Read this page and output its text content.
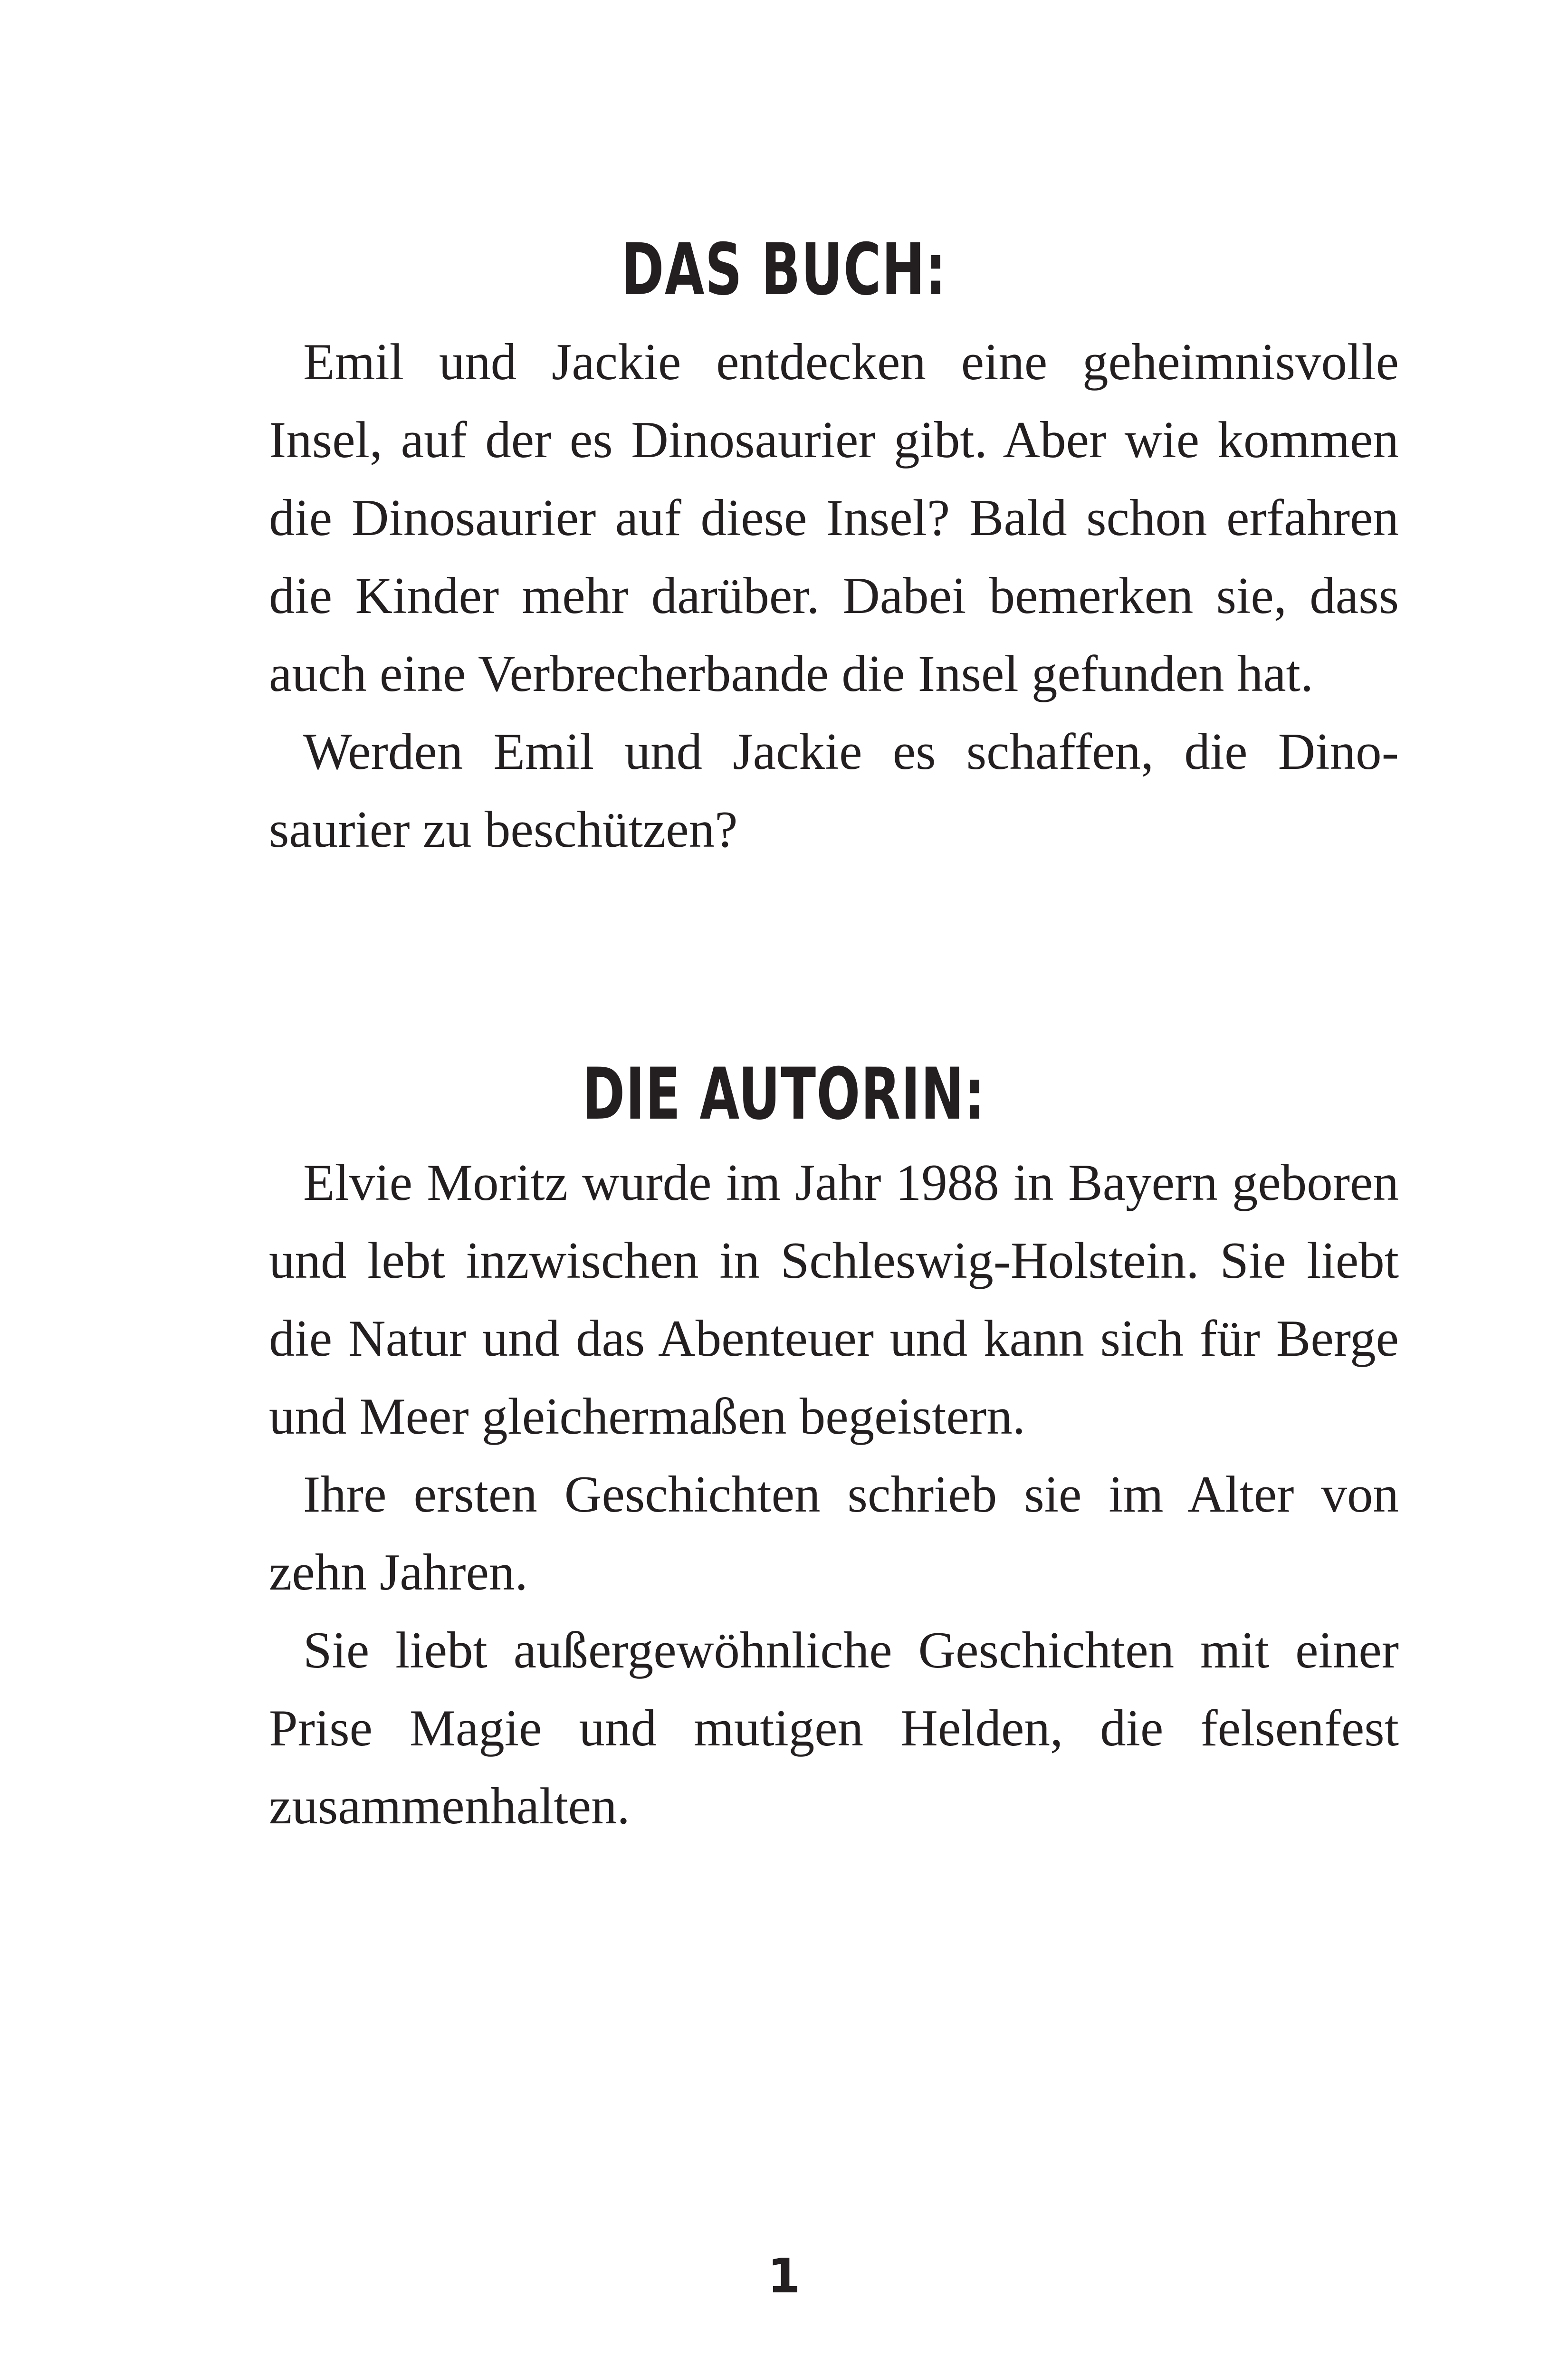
DAS BUCH:

Emil und Jackie entdecken eine geheimnisvolle Insel, auf der es Dinosaurier gibt. Aber wie kommen die Dinosaurier auf diese Insel? Bald schon erfahren die Kinder mehr darüber. Dabei bemerken sie, dass auch eine Verbrecherbande die Insel gefunden hat.

Werden Emil und Jackie es schaffen, die Dinosaurier zu beschützen?

DIE AUTORIN:

Elvie Moritz wurde im Jahr 1988 in Bayern geboren und lebt inzwischen in Schleswig-Holstein. Sie liebt die Natur und das Abenteuer und kann sich für Berge und Meer gleichermaßen begeistern.

Ihre ersten Geschichten schrieb sie im Alter von zehn Jahren.

Sie liebt außergewöhnliche Geschichten mit einer Prise Magie und mutigen Helden, die felsenfest zusammenhalten.

1
